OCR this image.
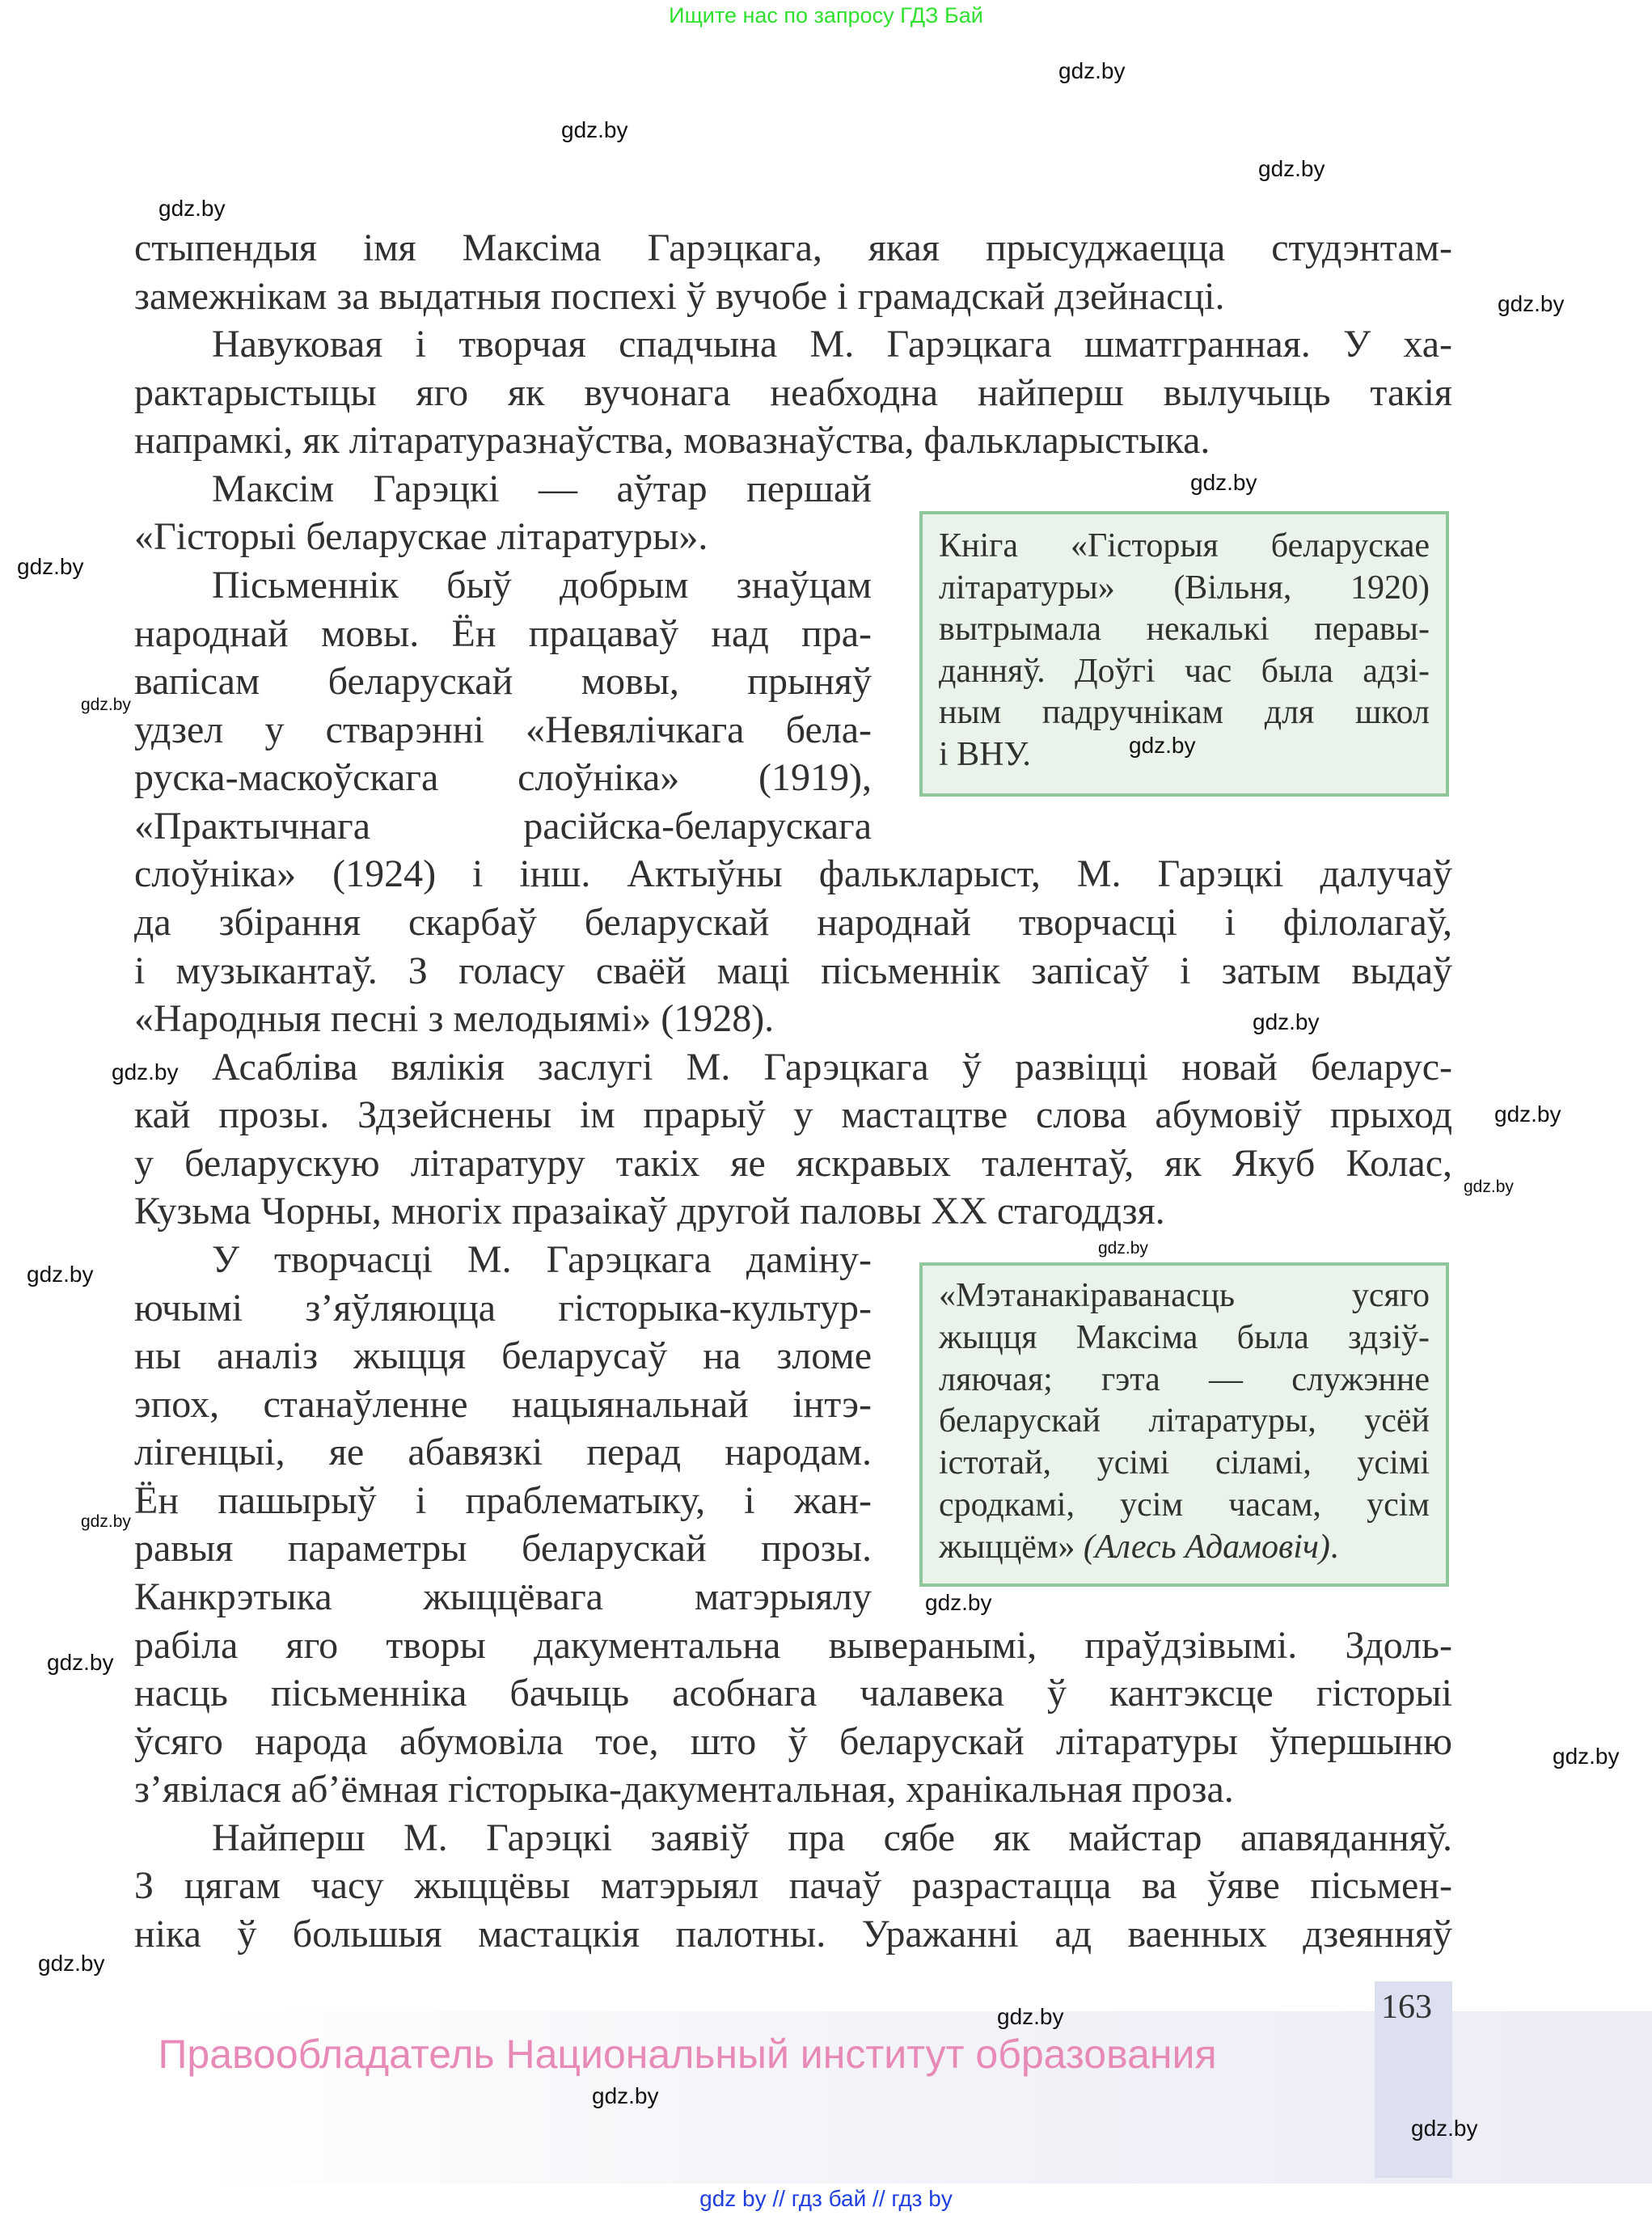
Ищите нас по запросу ГДЗ Бай
стыпендыя імя Максіма Гарэцкага, якая прысуджаецца студэнтам-
замежнікам за выдатныя поспехі ў вучобе і грамадскай дзейнасці.
Навуковая і творчая спадчына М. Гарэцкага шматгранная. У ха-
рактарыстыцы яго як вучонага неабходна найперш вылучыць такія
напрамкі, як літаратуразнаўства, мовазнаўства, фалькларыстыка.
Максім Гарэцкі — аўтар першай
«Гісторыі беларускае літаратуры».
Пісьменнік быў добрым знаўцам
народнай мовы. Ён працаваў над пра-
вапісам беларускай мовы, прыняў
удзел у стварэнні «Невялічкага бела-
руска-маскоўскага слоўніка» (1919),
«Практычнага расійска-беларускага
слоўніка» (1924) і інш. Актыўны фалькларыст, М. Гарэцкі далучаў
да збірання скарбаў беларускай народнай творчасці і філолагаў,
і музыкантаў. З голасу сваёй маці пісьменнік запісаў і затым выдаў
«Народныя песні з мелодыямі» (1928).
Асабліва вялікія заслугі М. Гарэцкага ў развіцці новай беларус-
кай прозы. Здзейснены ім прарыў у мастацтве слова абумовіў прыход
у беларускую літаратуру такіх яе яскравых талентаў, як Якуб Колас,
Кузьма Чорны, многіх празаікаў другой паловы XX стагоддзя.
У творчасці М. Гарэцкага даміну-
ючымі з’яўляюцца гісторыка-культур-
ны аналіз жыцця беларусаў на зломе
эпох, станаўленне нацыянальнай інтэ-
лігенцыі, яе абавязкі перад народам.
Ён пашырыў і праблематыку, і жан-
равыя параметры беларускай прозы.
Канкрэтыка жыццёвага матэрыялу
рабіла яго творы дакументальна выверанымі, праўдзівымі. Здоль-
насць пісьменніка бачыць асобнага чалавека ў кантэксце гісторыі
ўсяго народа абумовіла тое, што ў беларускай літаратуры ўпершыню
з’явілася аб’ёмная гісторыка-дакументальная, хранікальная проза.
Найперш М. Гарэцкі заявіў пра сябе як майстар апавяданняў.
З цягам часу жыццёвы матэрыял пачаў разрастацца ва ўяве пісьмен-
ніка ў большыя мастацкія палотны. Уражанні ад ваенных дзеянняў
Кніга «Гісторыя беларускае
літаратуры» (Вільня, 1920)
вытрымала некалькі перавы-
данняў. Доўгі час была адзі-
ным падручнікам для школ
і ВНУ.
«Мэтанакіраванасць усяго
жыцця Максіма была здзіў-
ляючая; гэта — служэнне
беларускай літаратуры, усёй
істотай, усімі сіламі, усімі
сродкамі, усім часам, усім
жыццём» (Алесь Адамовіч).
163
Правообладатель Национальный институт образования
gdz by // гдз бай // гдз by
gdz.by
gdz.by
gdz.by
gdz.by
gdz.by
gdz.by
gdz.by
gdz.by
gdz.by
gdz.by
gdz.by
gdz.by
gdz.by
gdz.by
gdz.by
gdz.by
gdz.by
gdz.by
gdz.by
gdz.by
gdz.by
gdz.by
gdz.by
